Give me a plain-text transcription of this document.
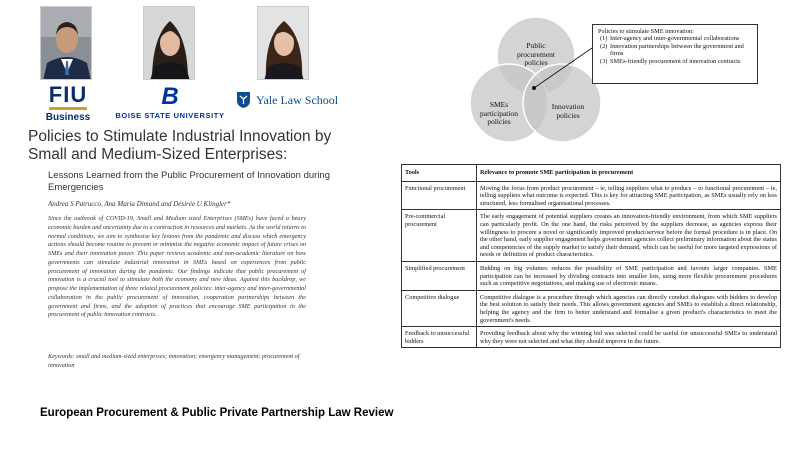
FIU
Business
B
BOISE STATE UNIVERSITY
Yale Law School
Policies to Stimulate Industrial Innovation by Small and Medium-Sized Enterprises:
Lessons Learned from the Public Procurement of Innovation during Emergencies
Andrea S Patrucco, Ana Maria Dimand and Désirée U Klingler*
Since the outbreak of COVID-19, Small and Medium sized Enterprises (SMEs) have faced a heavy economic burden and uncertainty due to a contraction in resources and markets. As the world returns to normal conditions, we aim to synthesise key lessons from the pandemic and discuss which emergency actions should become routine to prevent or minimise the negative economic impact of future crises on SMEs and their innovation power. This paper reviews academic and non-academic literature on how governments can stimulate industrial innovation in SMEs based on experiences from public procurement of innovation during the pandemic. Our findings indicate that public procurement of innovation is a crucial tool to stimulate both the economy and new ideas. Against this backdrop, we propose the implementation of three related procurement policies: inter-agency and inter-governmental collaboration in the public procurement of innovation, cooperation partnerships between the government and firms, and the adoption of practices that encourage SME participation in the procurement of public innovation contracts.
Keywords: small and medium-sized enterprises; innovation; emergency management; procurement of innovation
European Procurement & Public Private Partnership Law Review
Public procurement policies
SMEs participation policies
Innovation policies
Policies to stimulate SME innovation:
(1) Inter-agency and inter-governmental collaborations
(2) Innovation partnerships between the government and firms
(3) SMEs-friendly procurement of innovation contracts
Tools	Relevance to promote SME participation in procurement
Functional procurement	Moving the focus from product procurement – ie, telling suppliers what to produce – to functional procurement – ie, telling suppliers what outcome is expected. This is key for attracting SME participation, as SMEs usually rely on less structured, less formalised organisational processes.
Pre-commercial procurement	The early engagement of potential suppliers creates an innovation-friendly environment, from which SME suppliers can particularly profit. On the one hand, the risks perceived by the suppliers decrease, as agencies express their willingness to procure a novel or significantly improved product/service before the formal procedure is in place. On the other hand, early supplier engagement helps government agencies collect preliminary information about the status and competencies of the supply market to satisfy their demand, which can be useful for more targeted expressions of needs or definition of product characteristics.
Simplified procurement	Bidding on big volumes reduces the possibility of SME participation and favours larger companies. SME participation can be increased by dividing contracts into smaller lots, using more flexible procurement procedures such as competitive negotiations, and making use of electronic means.
Competitive dialogue	Competitive dialogue is a procedure through which agencies can directly conduct dialogues with bidders to develop the best solution to satisfy their needs. This allows government agencies and SMEs to establish a direct relationship, helping the agency and the firm to better understand and formalise a given product's characteristics to meet the government's needs.
Feedback to unsuccessful bidders	Providing feedback about why the winning bid was selected could be useful for unsuccessful SMEs to understand why they were not selected and what they should improve in the future.
